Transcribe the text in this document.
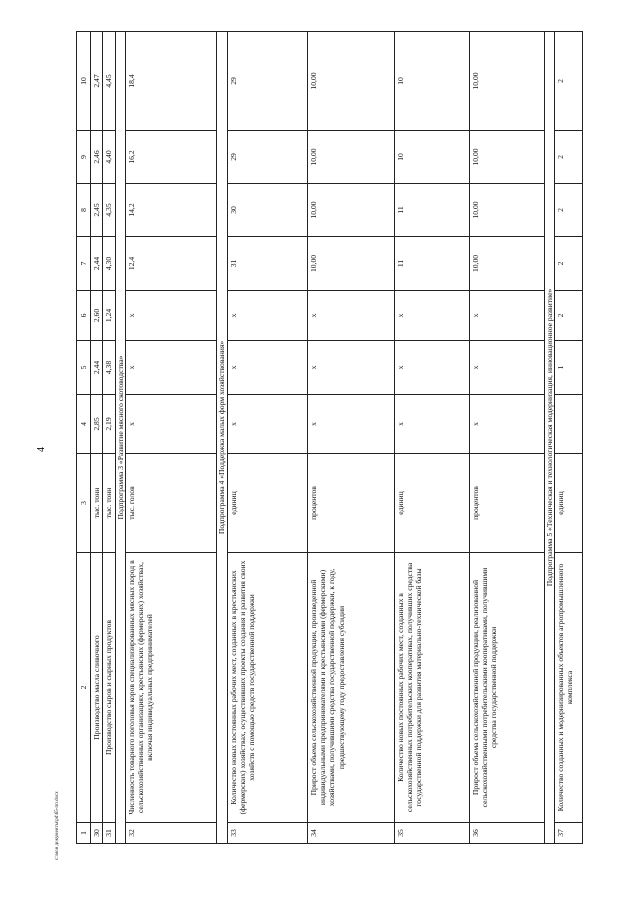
4
c:\мои документы\pd\65-пп.docx 1	2	3	4	5	6	7	8	9	10
30	Производство масла сливочного	тыс. тонн	2,85	2,44	2,60	2,44	2,45	2,46	2,47
31	Производство сыров и сырных продуктов	тыс. тонн	2,19	4,38	1,24	4,30	4,35	4,40	4,45
Подпрограмма 3 «Развитие мясного скотоводства»									
32	Численность товарного поголовья коров специализированных мясных пород в сельскохозяйственных организациях, крестьянских (фермерских) хозяйствах, включая индивидуальных предпринимателей	тыс. голов	х	х	х	12,4	14,2	16,2	18,4
Подпрограмма 4 «Поддержка малых форм хозяйствования»									
33	Количество новых постоянных рабочих мест, созданных в крестьянских (фермерских) хозяйствах, осуществивших проекты создания и развития своих хозяйств с помощью средств государственной поддержки	единиц	х	х	х	31	30	29	29
34	Прирост объема сельскохозяйственной продукции, произведенной индивидуальными предпринимателями и крестьянскими (фермерскими) хозяйствами, получившими средства государственной поддержки, к году, предшествующему году предоставления субсидии	процентов	х	х	х	10,00	10,00	10,00	10,00
35	Количество новых постоянных рабочих мест, созданных в сельскохозяйственных потребительских кооперативах, получивших средства государственной поддержки для развития материально-технической базы	единиц	х	х	х	11	11	10	10
36	Прирост объема сельскохозяйственной продукции, реализованной сельскохозяйственными потребительскими кооперативами, получившими средства государственной поддержки	процентов	х	х	х	10,00	10,00	10,00	10,00
Подпрограмма 5 «Техническая и технологическая модернизация, инновационное развитие»									
37	Количество созданных и модернизированных объектов агропромышленного комплекса	единиц		1	2	2	2	2	2
